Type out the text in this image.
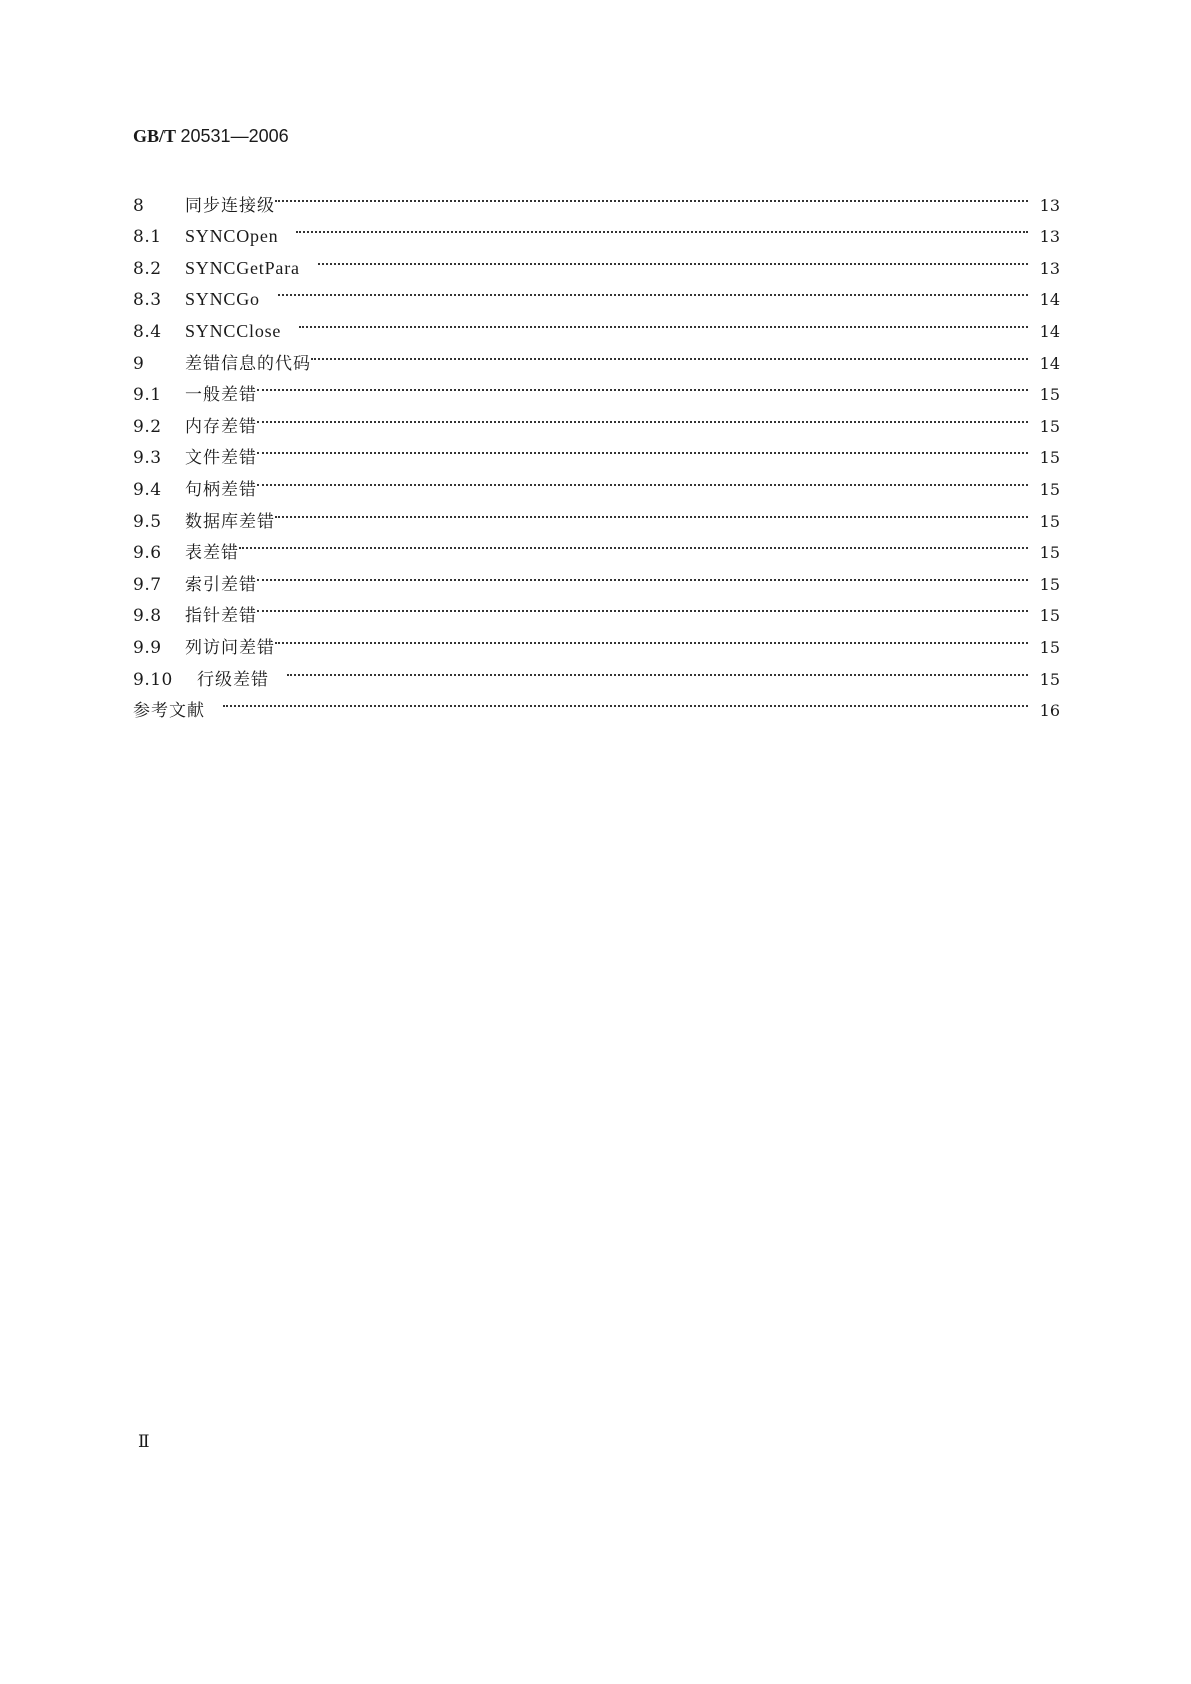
GB/T 20531—2006
8	同步连接级	13
8.1	SYNCOpen	13
8.2	SYNCGetPara	13
8.3	SYNCGo	14
8.4	SYNCClose	14
9	差错信息的代码	14
9.1	一般差错	15
9.2	内存差错	15
9.3	文件差错	15
9.4	句柄差错	15
9.5	数据库差错	15
9.6	表差错	15
9.7	索引差错	15
9.8	指针差错	15
9.9	列访问差错	15
9.10	行级差错	15
参考文献	16
Ⅱ
